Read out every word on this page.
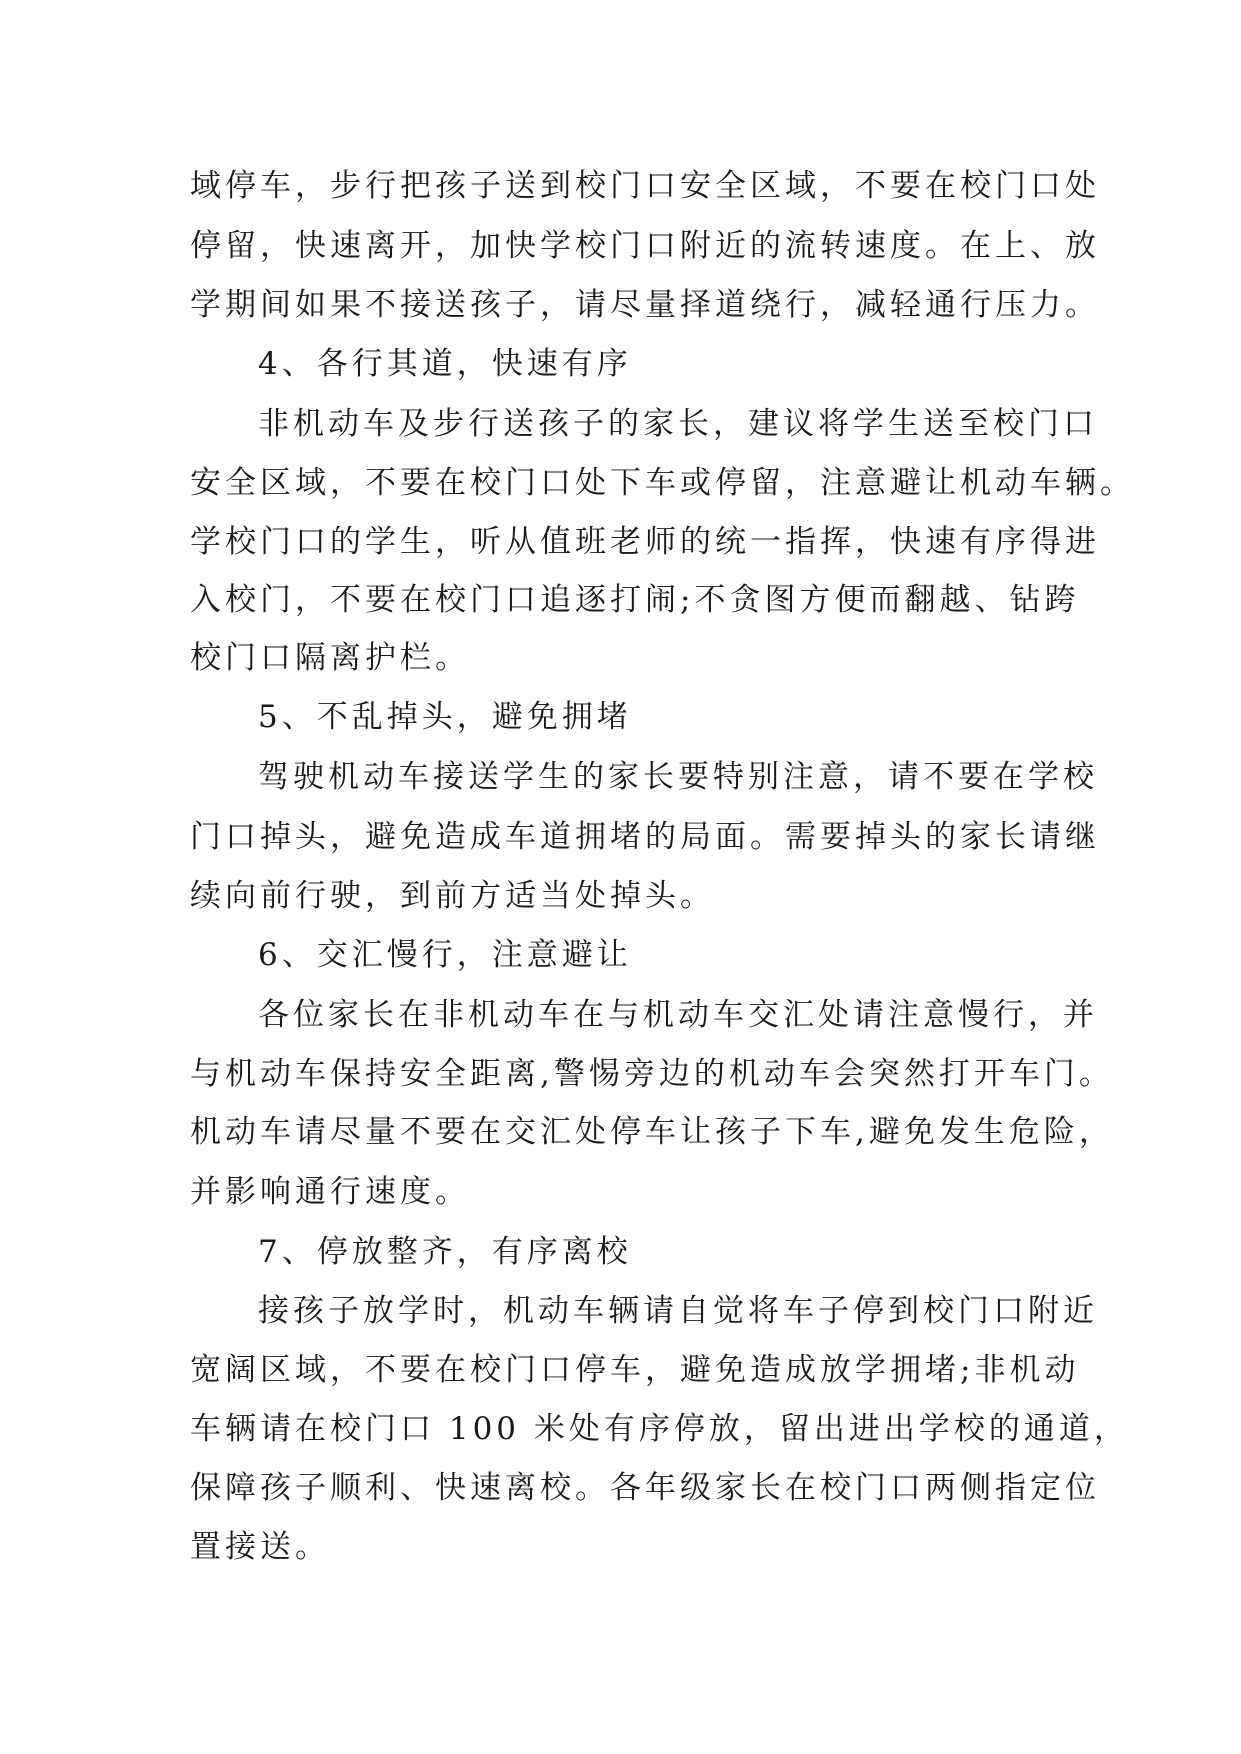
域停车，步行把孩子送到校门口安全区域，不要在校门口处
停留，快速离开，加快学校门口附近的流转速度。在上、放
学期间如果不接送孩子，请尽量择道绕行，减轻通行压力。
4、各行其道，快速有序
非机动车及步行送孩子的家长，建议将学生送至校门口
安全区域，不要在校门口处下车或停留，注意避让机动车辆。
学校门口的学生，听从值班老师的统一指挥，快速有序得进
入校门，不要在校门口追逐打闹;不贪图方便而翻越、钻跨
校门口隔离护栏。
5、不乱掉头，避免拥堵
驾驶机动车接送学生的家长要特别注意，请不要在学校
门口掉头，避免造成车道拥堵的局面。需要掉头的家长请继
续向前行驶，到前方适当处掉头。
6、交汇慢行，注意避让
各位家长在非机动车在与机动车交汇处请注意慢行，并
与机动车保持安全距离,警惕旁边的机动车会突然打开车门。
机动车请尽量不要在交汇处停车让孩子下车,避免发生危险，
并影响通行速度。
7、停放整齐，有序离校
接孩子放学时，机动车辆请自觉将车子停到校门口附近
宽阔区域，不要在校门口停车，避免造成放学拥堵;非机动
车辆请在校门口 100 米处有序停放，留出进出学校的通道，
保障孩子顺利、快速离校。各年级家长在校门口两侧指定位
置接送。
